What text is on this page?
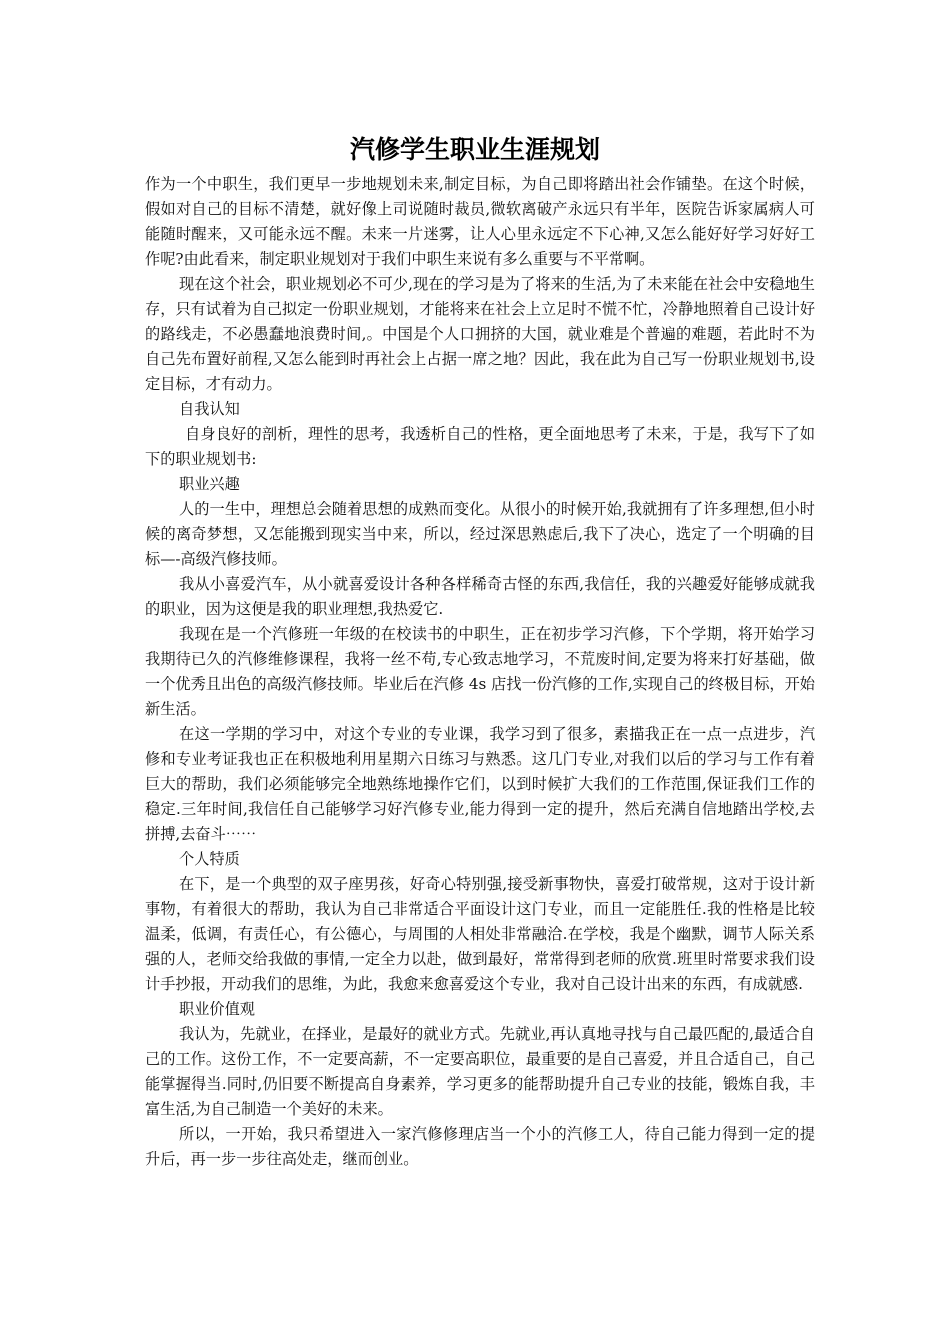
汽修学生职业生涯规划

作为一个中职生，我们更早一步地规划未来,制定目标，为自己即将踏出社会作铺垫。在这个时候，假如对自己的目标不清楚，就好像上司说随时裁员,微软离破产永远只有半年，医院告诉家属病人可能随时醒来，又可能永远不醒。未来一片迷雾，让人心里永远定不下心神,又怎么能好好学习好好工作呢?由此看来，制定职业规划对于我们中职生来说有多么重要与不平常啊。

现在这个社会，职业规划必不可少,现在的学习是为了将来的生活,为了未来能在社会中安稳地生存，只有试着为自己拟定一份职业规划，才能将来在社会上立足时不慌不忙，冷静地照着自己设计好的路线走，不必愚蠢地浪费时间,。中国是个人口拥挤的大国，就业难是个普遍的难题，若此时不为自己先布置好前程,又怎么能到时再社会上占据一席之地？因此，我在此为自己写一份职业规划书,设定目标，才有动力。

自我认知

自身良好的剖析，理性的思考，我透析自己的性格，更全面地思考了未来，于是，我写下了如下的职业规划书:

职业兴趣

人的一生中，理想总会随着思想的成熟而变化。从很小的时候开始,我就拥有了许多理想,但小时候的离奇梦想，又怎能搬到现实当中来，所以，经过深思熟虑后,我下了决心，选定了一个明确的目标—-高级汽修技师。

我从小喜爱汽车，从小就喜爱设计各种各样稀奇古怪的东西,我信任，我的兴趣爱好能够成就我的职业，因为这便是我的职业理想,我热爱它.

我现在是一个汽修班一年级的在校读书的中职生，正在初步学习汽修，下个学期，将开始学习我期待已久的汽修维修课程，我将一丝不苟,专心致志地学习，不荒废时间,定要为将来打好基础，做一个优秀且出色的高级汽修技师。毕业后在汽修 4s 店找一份汽修的工作,实现自己的终极目标，开始新生活。

在这一学期的学习中，对这个专业的专业课，我学习到了很多，素描我正在一点一点进步，汽修和专业考证我也正在积极地利用星期六日练习与熟悉。这几门专业,对我们以后的学习与工作有着巨大的帮助，我们必须能够完全地熟练地操作它们，以到时候扩大我们的工作范围,保证我们工作的稳定.三年时间,我信任自己能够学习好汽修专业,能力得到一定的提升，然后充满自信地踏出学校,去拼搏,去奋斗⋯⋯

个人特质

在下，是一个典型的双子座男孩，好奇心特别强,接受新事物快，喜爱打破常规，这对于设计新事物，有着很大的帮助，我认为自己非常适合平面设计这门专业，而且一定能胜任.我的性格是比较温柔，低调，有责任心，有公德心，与周围的人相处非常融洽.在学校，我是个幽默，调节人际关系强的人，老师交给我做的事情,一定全力以赴，做到最好，常常得到老师的欣赏.班里时常要求我们设计手抄报，开动我们的思维，为此，我愈来愈喜爱这个专业，我对自己设计出来的东西，有成就感.

职业价值观

我认为，先就业，在择业，是最好的就业方式。先就业,再认真地寻找与自己最匹配的,最适合自己的工作。这份工作，不一定要高薪，不一定要高职位，最重要的是自己喜爱，并且合适自己，自己能掌握得当.同时,仍旧要不断提高自身素养，学习更多的能帮助提升自己专业的技能，锻炼自我，丰富生活,为自己制造一个美好的未来。

所以，一开始，我只希望进入一家汽修修理店当一个小的汽修工人，待自己能力得到一定的提升后，再一步一步往高处走，继而创业。
